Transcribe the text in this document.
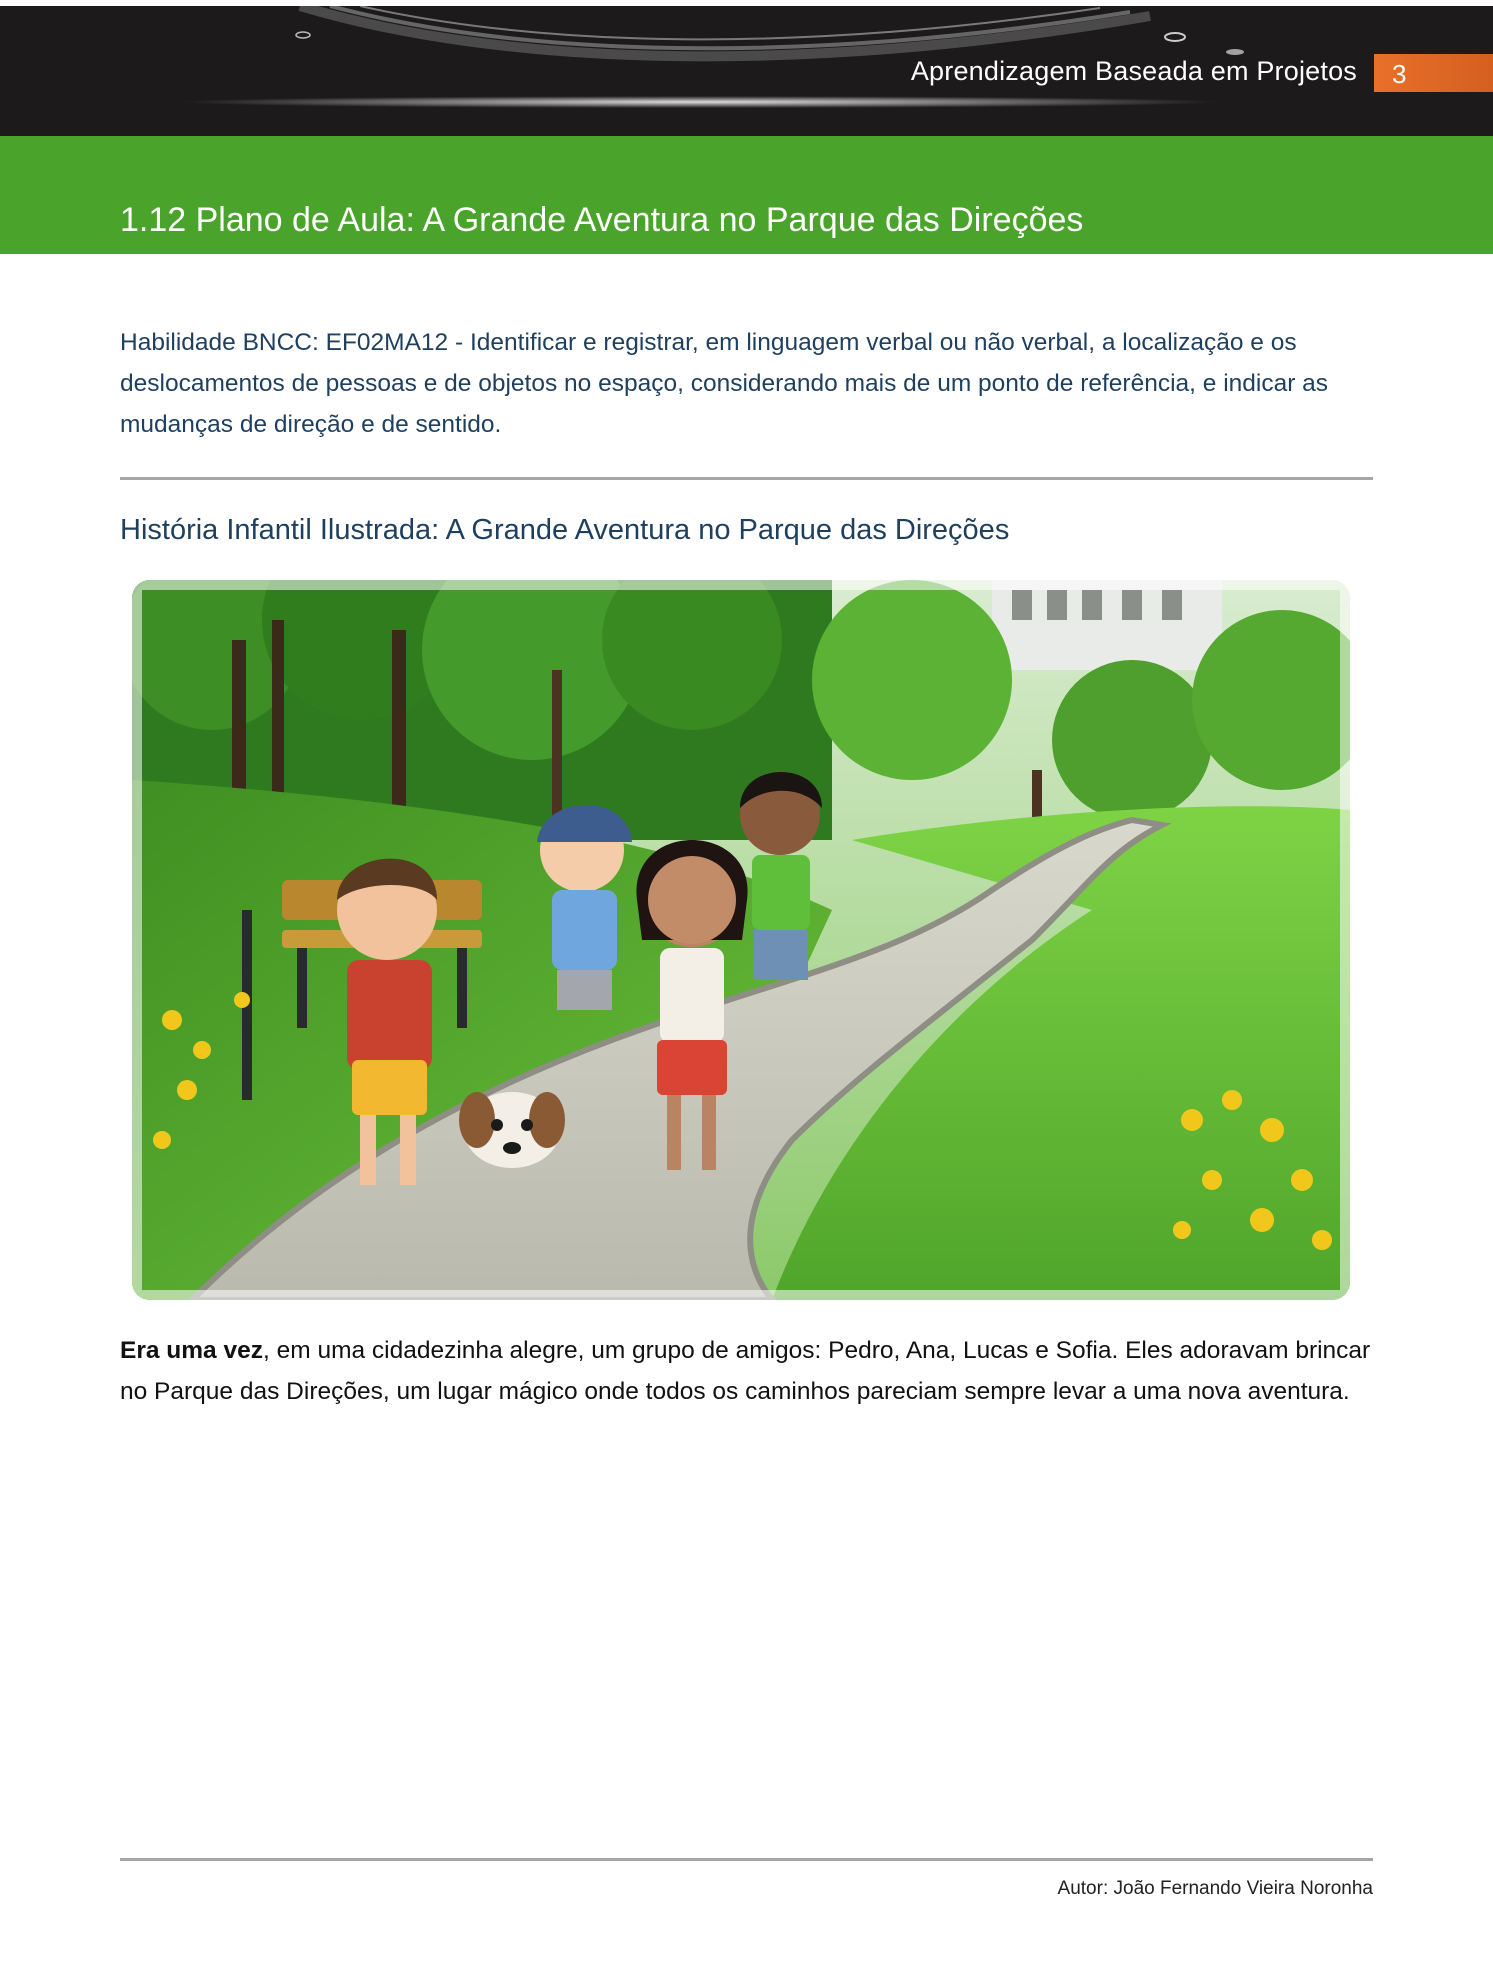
Aprendizagem Baseada em Projetos 3
1.12 Plano de Aula: A Grande Aventura no Parque das Direções
Habilidade BNCC: EF02MA12 - Identificar e registrar, em linguagem verbal ou não verbal, a localização e os deslocamentos de pessoas e de objetos no espaço, considerando mais de um ponto de referência, e indicar as mudanças de direção e de sentido.
História Infantil Ilustrada: A Grande Aventura no Parque das Direções
Era uma vez, em uma cidadezinha alegre, um grupo de amigos: Pedro, Ana, Lucas e Sofia. Eles adoravam brincar no Parque das Direções, um lugar mágico onde todos os caminhos pareciam sempre levar a uma nova aventura.
Autor: João Fernando Vieira Noronha
